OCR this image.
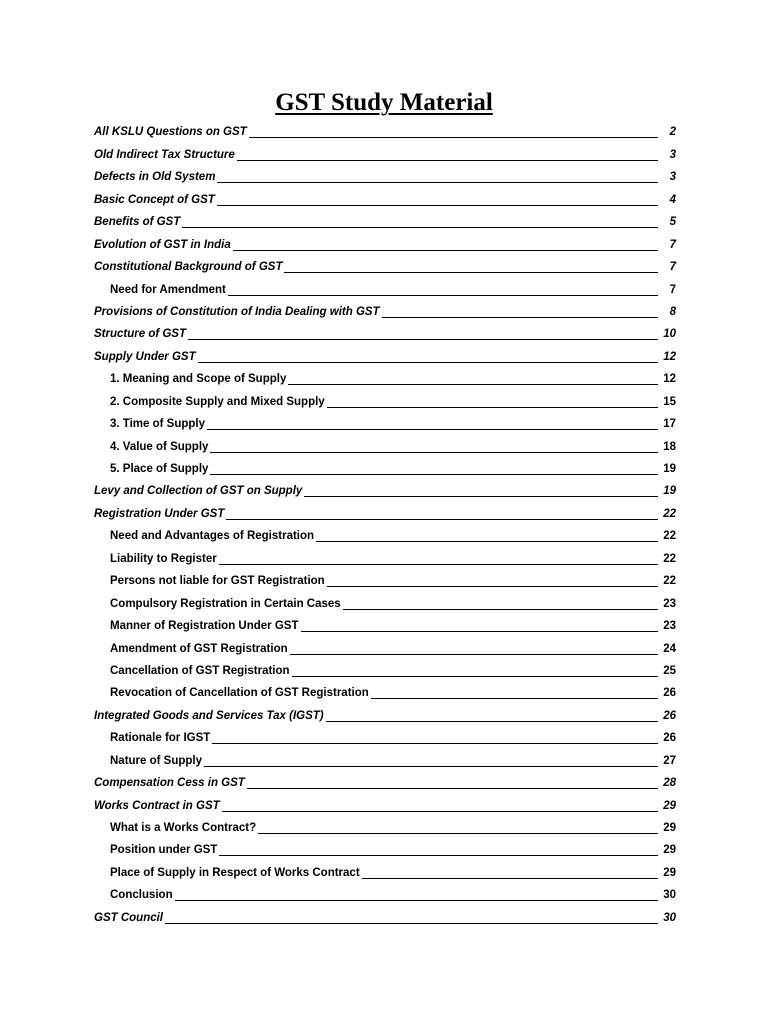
GST Study Material
All KSLU Questions on GST	2
Old Indirect Tax Structure	3
Defects in Old System	3
Basic Concept of GST	4
Benefits of GST	5
Evolution of GST in India	7
Constitutional Background of GST	7
Need for Amendment	7
Provisions of Constitution of India Dealing with GST	8
Structure of GST	10
Supply Under GST	12
1. Meaning and Scope of Supply	12
2. Composite Supply and Mixed Supply	15
3. Time of Supply	17
4. Value of Supply	18
5. Place of Supply	19
Levy and Collection of GST on Supply	19
Registration Under GST	22
Need and Advantages of Registration	22
Liability to Register	22
Persons not liable for GST Registration	22
Compulsory Registration in Certain Cases	23
Manner of Registration Under GST	23
Amendment of GST Registration	24
Cancellation of GST Registration	25
Revocation of Cancellation of GST Registration	26
Integrated Goods and Services Tax (IGST)	26
Rationale for IGST	26
Nature of Supply	27
Compensation Cess in GST	28
Works Contract in GST	29
What is a Works Contract?	29
Position under GST	29
Place of Supply in Respect of Works Contract	29
Conclusion	30
GST Council	30
